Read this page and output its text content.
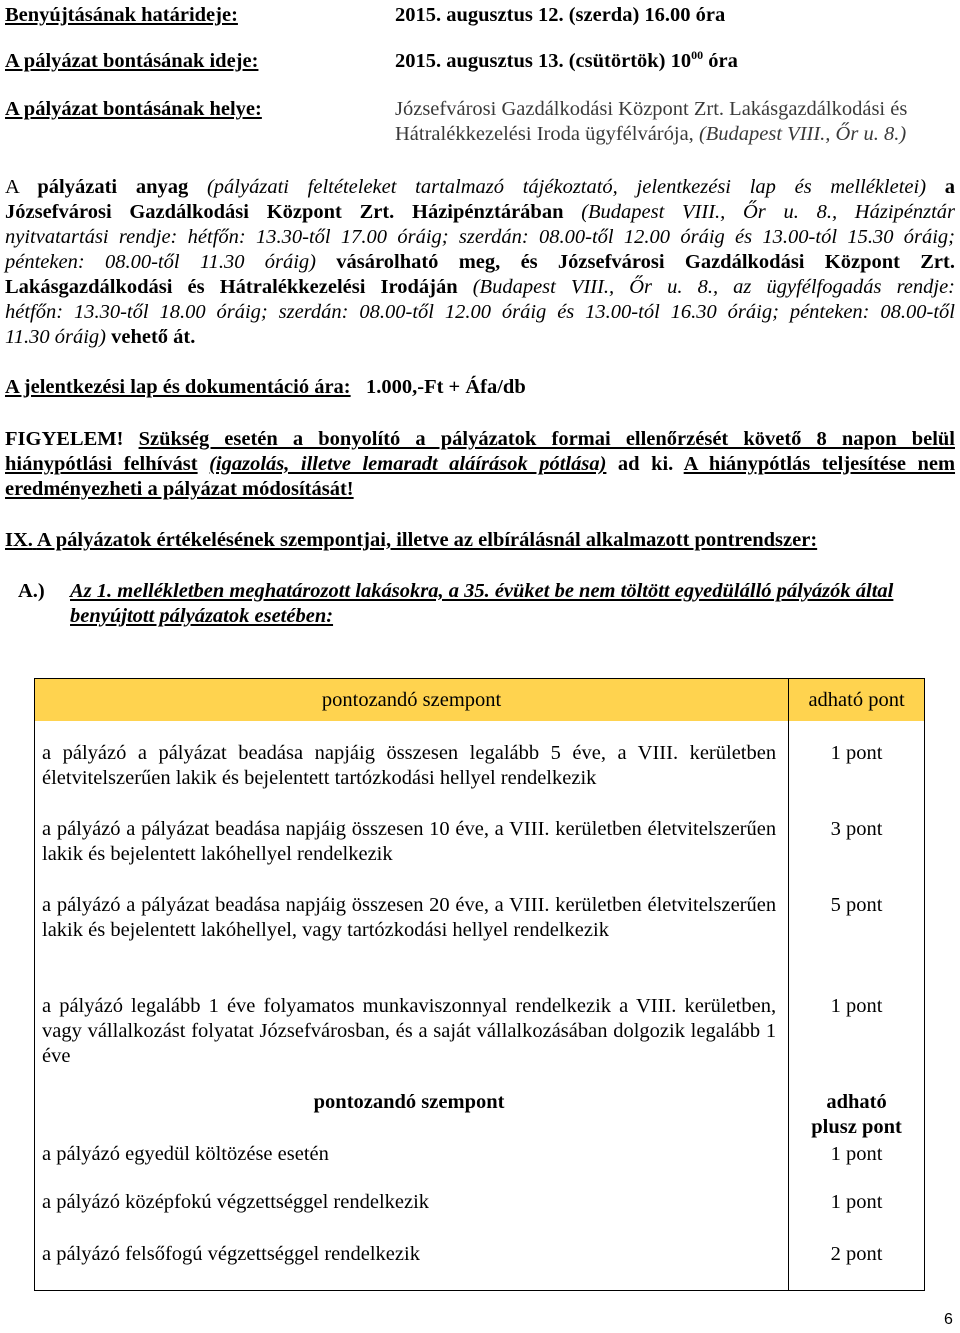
Benyújtásának határideje:	2015. augusztus 12. (szerda) 16.00 óra
A pályázat bontásának ideje:	2015. augusztus 13. (csütörtök) $10^{00}$ óra
A pályázat bontásának helye:	Józsefvárosi Gazdálkodási Központ Zrt. Lakásgazdálkodási és
Hátralékkezelési Iroda ügyfélvárója, (Budapest VIII., Őr u. 8.)
A pályázati anyag (pályázati feltételeket tartalmazó tájékoztató, jelentkezési lap és mellékletei) a
Józsefvárosi Gazdálkodási Központ Zrt. Házipénztárában (Budapest VIII., Őr u. 8., Házipénztár
nyitvatartási rendje: hétfőn: 13.30-től 17.00 óráig; szerdán: 08.00-től 12.00 óráig és 13.00-tól 15.30 óráig;
pénteken: 08.00-től 11.30 óráig) vásárolható meg, és Józsefvárosi Gazdálkodási Központ Zrt.
Lakásgazdálkodási és Hátralékkezelési Irodáján (Budapest VIII., Őr u. 8., az ügyfélfogadás rendje:
hétfőn: 13.30-től 18.00 óráig; szerdán: 08.00-től 12.00 óráig és 13.00-tól 16.30 óráig; pénteken: 08.00-től
11.30 óráig) vehető át.
A jelentkezési lap és dokumentáció ára: 1.000,-Ft + Áfa/db
FIGYELEM! Szükség esetén a bonyolító a pályázatok formai ellenőrzését követő 8 napon belül
hiánypótlási felhívást (igazolás, illetve lemaradt aláírások pótlása) ad ki. A hiánypótlás teljesítése nem
eredményezheti a pályázat módosítását!
IX. A pályázatok értékelésének szempontjai, illetve az elbírálásnál alkalmazott pontrendszer:
A.) Az 1. mellékletben meghatározott lakásokra, a 35. évüket be nem töltött egyedülálló pályázók által
benyújtott pályázatok esetében:
pontozandó szempont	adható pont

a pályázó a pályázat beadása napjáig összesen legalább 5 éve, a VIII. kerületben életvitelszerűen lakik és bejelentett tartózkodási hellyel rendelkezik	1 pont
a pályázó a pályázat beadása napjáig összesen 10 éve, a VIII. kerületben életvitelszerűen lakik és bejelentett lakóhellyel rendelkezik	3 pont
a pályázó a pályázat beadása napjáig összesen 20 éve, a VIII. kerületben életvitelszerűen lakik és bejelentett lakóhellyel, vagy tartózkodási hellyel rendelkezik	5 pont
a pályázó legalább 1 éve folyamatos munkaviszonnyal rendelkezik a VIII. kerületben, vagy vállalkozást folyatat Józsefvárosban, és a saját vállalkozásában dolgozik legalább 1 éve	1 pont
pontozandó szempont	adható
plusz pont

a pályázó egyedül költözése esetén	1 pont
a pályázó középfokú végzettséggel rendelkezik	1 pont
a pályázó felsőfogú végzettséggel rendelkezik	2 pont
6
